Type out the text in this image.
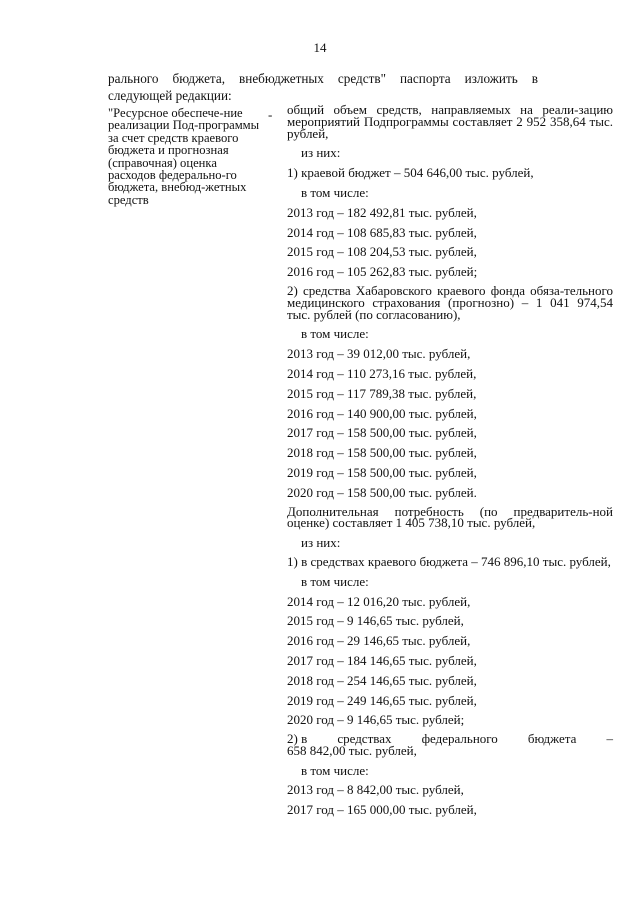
14
рального бюджета, внебюджетных средств" паспорта изложить в следующей редакции:
"Ресурсное обеспече-ние реализации Под-программы за счет средств краевого бюджета и прогнозная (справочная) оценка расходов федерально-го бюджета, внебюд-жетных средств
- общий объем средств, направляемых на реали-зацию мероприятий Подпрограммы составляет 2 952 358,64 тыс. рублей,
из них:
1) краевой бюджет – 504 646,00 тыс. рублей,
в том числе:
2013 год – 182 492,81 тыс. рублей,
2014 год – 108 685,83 тыс. рублей,
2015 год – 108 204,53 тыс. рублей,
2016 год – 105 262,83 тыс. рублей;
2) средства Хабаровского краевого фонда обяза-тельного медицинского страхования (прогнозно) – 1 041 974,54 тыс. рублей (по согласованию),
в том числе:
2013 год – 39 012,00 тыс. рублей,
2014 год – 110 273,16 тыс. рублей,
2015 год – 117 789,38 тыс. рублей,
2016 год – 140 900,00 тыс. рублей,
2017 год – 158 500,00 тыс. рублей,
2018 год – 158 500,00 тыс. рублей,
2019 год – 158 500,00 тыс. рублей,
2020 год – 158 500,00 тыс. рублей.
Дополнительная потребность (по предваритель-ной оценке) составляет 1 405 738,10 тыс. рублей,
из них:
1) в средствах краевого бюджета – 746 896,10 тыс. рублей,
в том числе:
2014 год – 12 016,20 тыс. рублей,
2015 год – 9 146,65 тыс. рублей,
2016 год – 29 146,65 тыс. рублей,
2017 год – 184 146,65 тыс. рублей,
2018 год – 254 146,65 тыс. рублей,
2019 год – 249 146,65 тыс. рублей,
2020 год – 9 146,65 тыс. рублей;
2) в средствах федерального бюджета –
658 842,00 тыс. рублей,
в том числе:
2013 год – 8 842,00 тыс. рублей,
2017 год – 165 000,00 тыс. рублей,
